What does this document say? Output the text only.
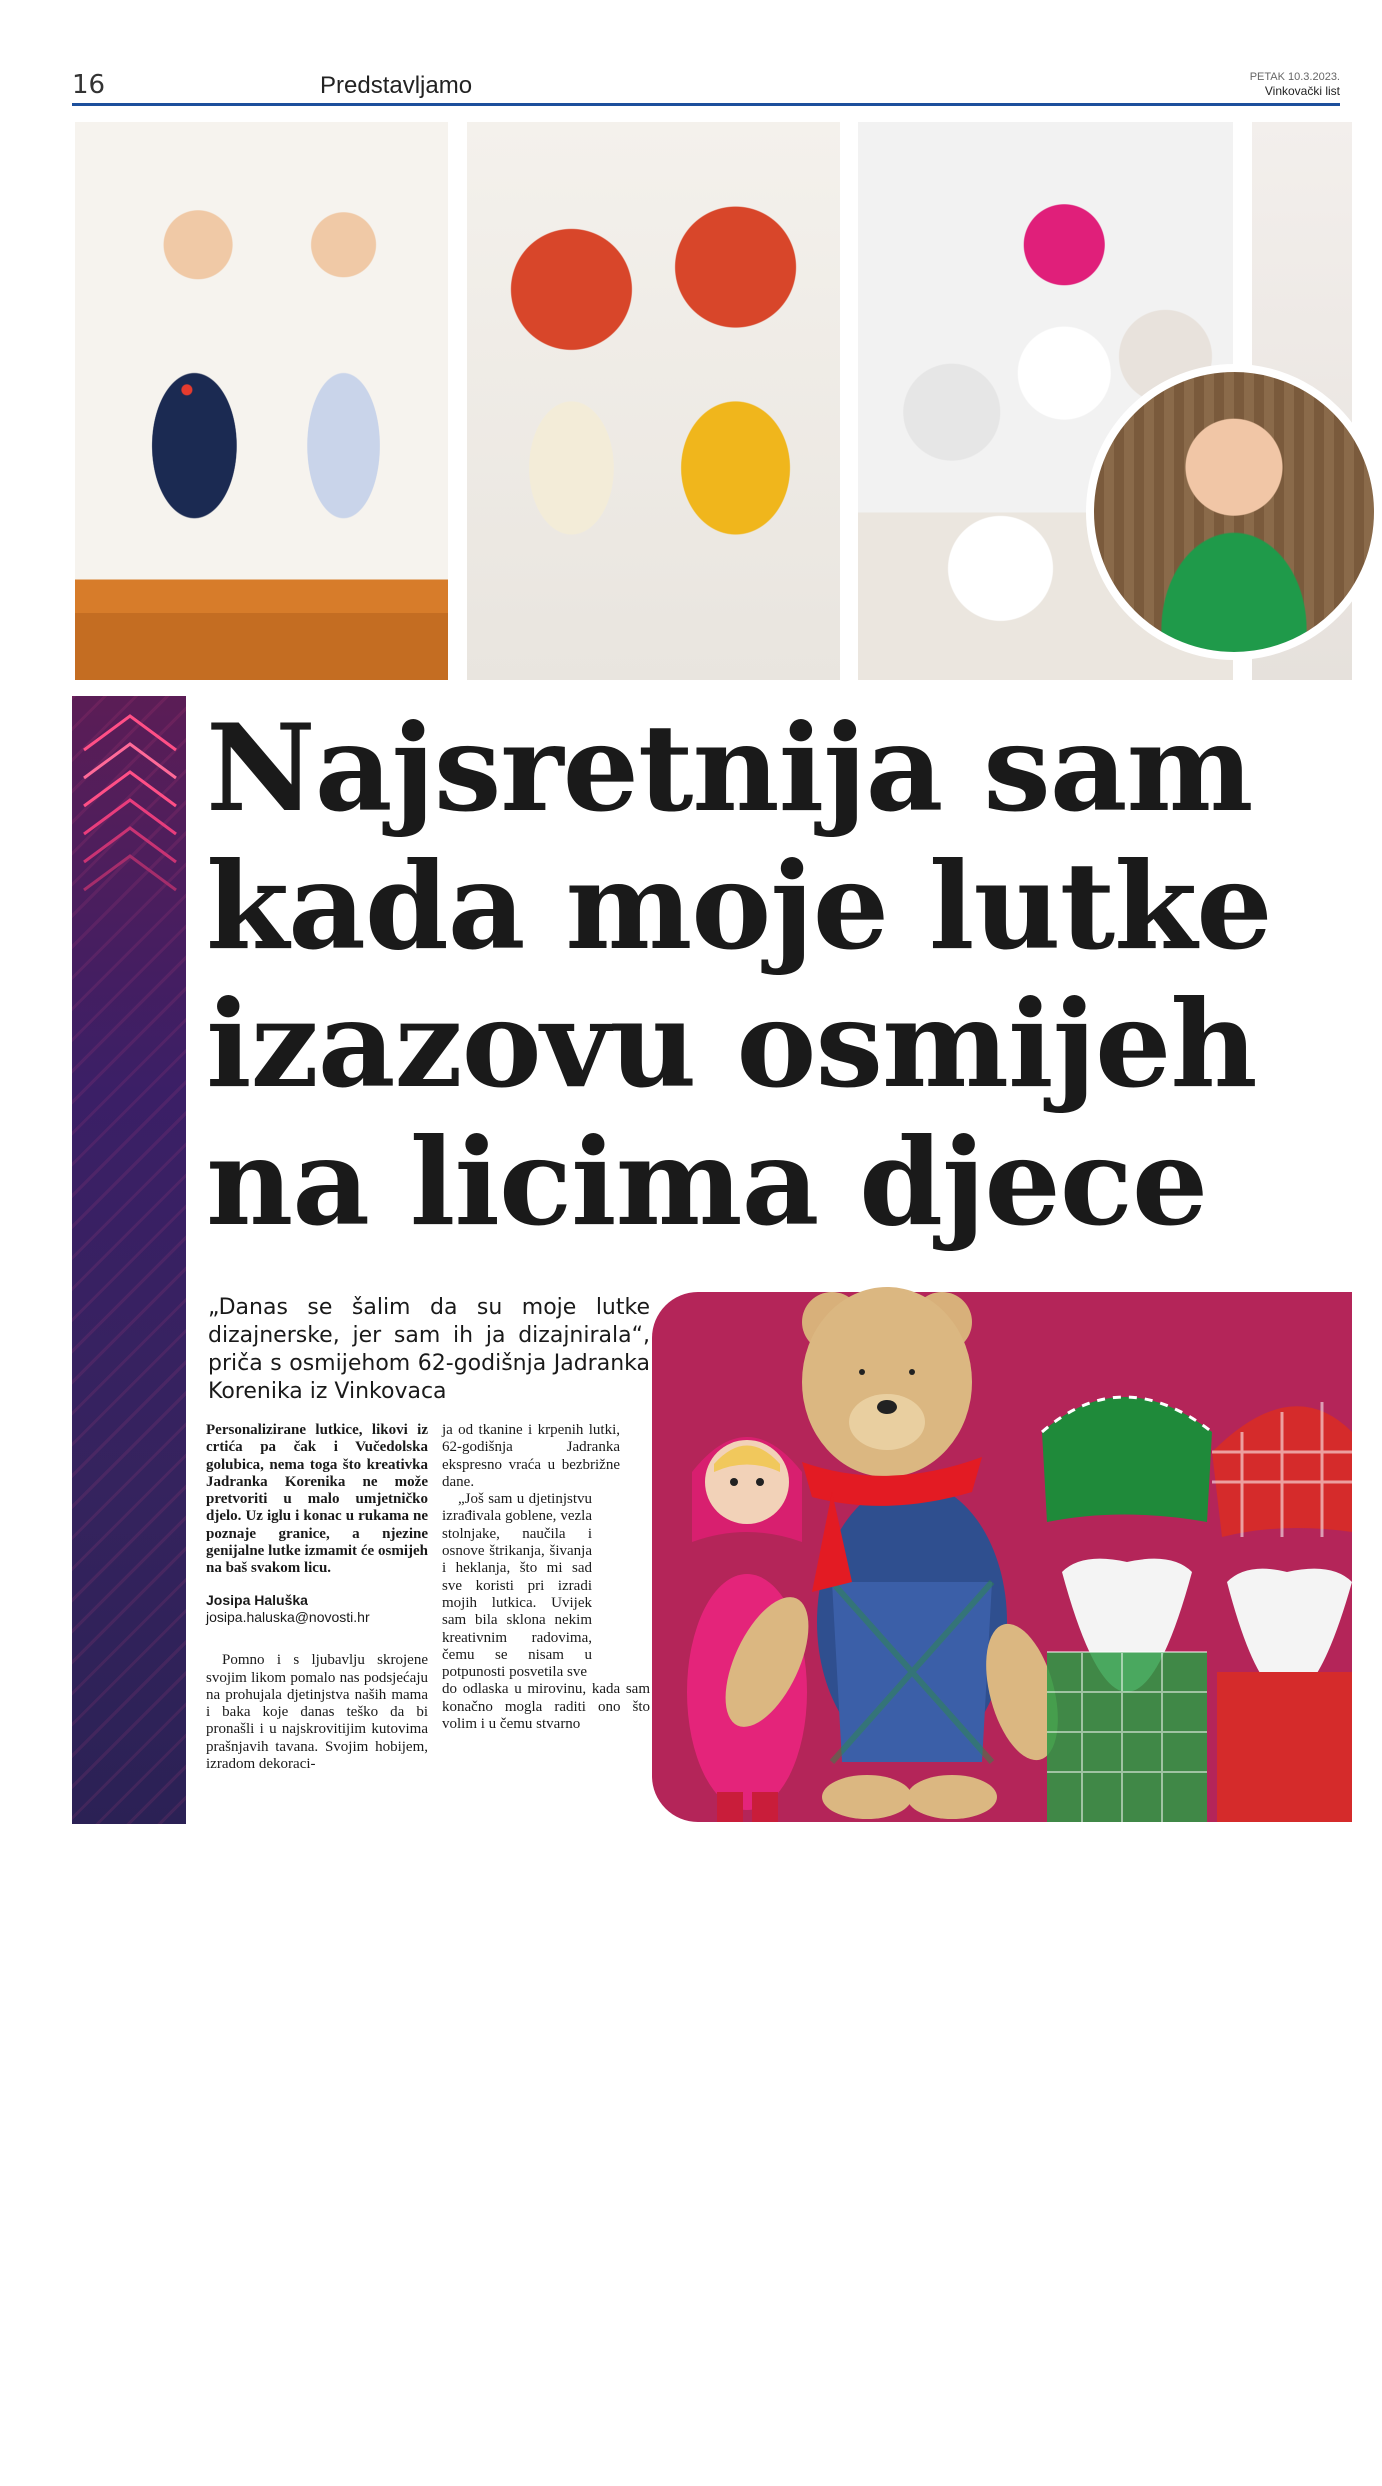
16	Predstavljamo	PETAK 10.3.2023.
Vinkovački list
Predstavljamo
Najsretnija sam
kada moje lutke
izazovu osmijeh
na licima djece

„Danas se šalim da su moje lutke dizajnerske, jer sam ih ja dizajnirala“, priča s osmijehom 62-godišnja Jadranka Korenika iz Vinkovaca

Personalizirane lutkice, likovi iz crtića pa čak i Vučedolska golubica, nema toga što kreativka Jadranka Korenika ne može pretvoriti u malo umjetničko djelo. Uz iglu i konac u rukama ne poznaje granice, a njezine genijalne lutke izmamit će osmijeh na baš svakom licu.

Josipa Haluška

josipa.haluska@novosti.hr

Pomno i s ljubavlju skrojene svojim likom pomalo nas podsjećaju na prohujala djetinjstva naših mama i baka koje danas teško da bi pronašli i u najskrovitijim kutovima prašnjavih tavana. Svojim hobijem, izradom dekoraci-

ja od tkanine i krpenih lutki, 62-godišnja Jadranka ekspresno vraća u bezbrižne dane.

„Još sam u djetinjstvu izrađivala goblene, vezla stolnjake, naučila i osnove štrikanja, šivanja i heklanja, što mi sad sve koristi pri izradi mojih lutkica. Uvijek sam bila sklona nekim kreativnim radovima, čemu se nisam u potpunosti posvetila sve

do odlaska u mirovinu, kada sam konačno mogla raditi ono što volim i u čemu stvarno
